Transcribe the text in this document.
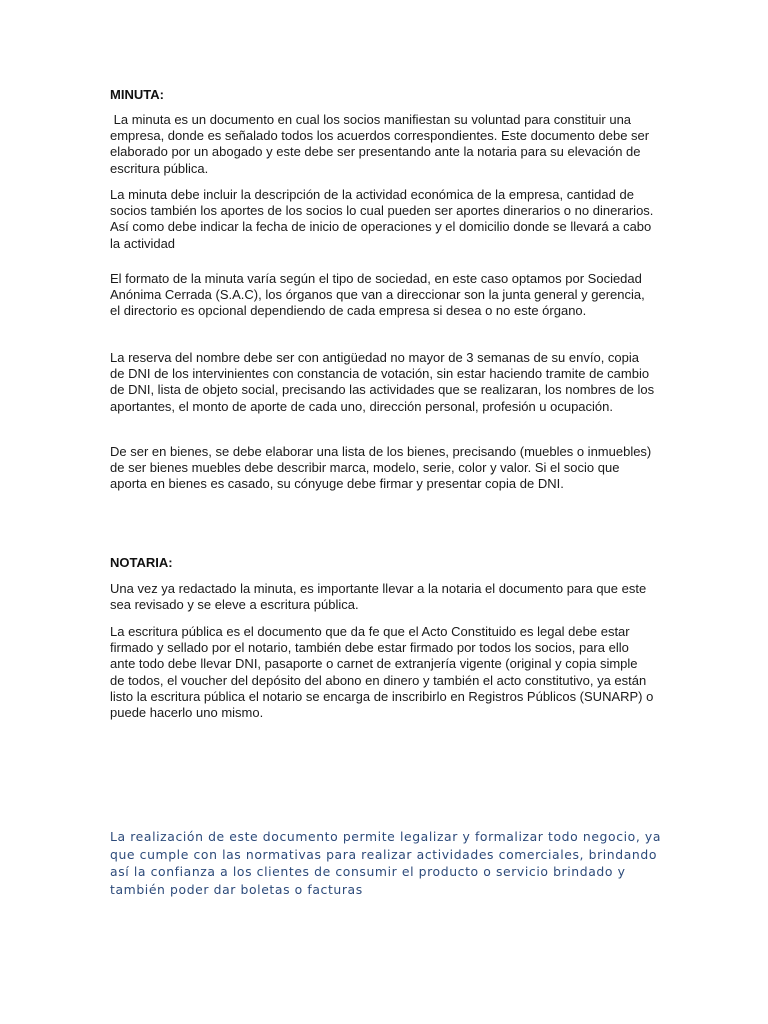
MINUTA:

La minuta es un documento en cual los socios manifiestan su voluntad para constituir una empresa, donde es señalado todos los acuerdos correspondientes. Este documento debe ser elaborado por un abogado y este debe ser presentando ante la notaria para su elevación de escritura pública.

La minuta debe incluir la descripción de la actividad económica de la empresa, cantidad de socios también los aportes de los socios lo cual pueden ser aportes dinerarios o no dinerarios. Así como debe indicar la fecha de inicio de operaciones y el domicilio donde se llevará a cabo la actividad

El formato de la minuta varía según el tipo de sociedad, en este caso optamos por Sociedad Anónima Cerrada (S.A.C), los órganos que van a direccionar son la junta general y gerencia, el directorio es opcional dependiendo de cada empresa si desea o no este órgano.

La reserva del nombre debe ser con antigüedad no mayor de 3 semanas de su envío, copia de DNI de los intervinientes con constancia de votación, sin estar haciendo tramite de cambio de DNI, lista de objeto social, precisando las actividades que se realizaran, los nombres de los aportantes, el monto de aporte de cada uno, dirección personal, profesión u ocupación.

De ser en bienes, se debe elaborar una lista de los bienes, precisando (muebles o inmuebles) de ser bienes muebles debe describir marca, modelo, serie, color y valor. Si el socio que aporta en bienes es casado, su cónyuge debe firmar y presentar copia de DNI.

NOTARIA:

Una vez ya redactado la minuta, es importante llevar a la notaria el documento para que este sea revisado y se eleve a escritura pública.

La escritura pública es el documento que da fe que el Acto Constituido es legal debe estar firmado y sellado por el notario, también debe estar firmado por todos los socios, para ello ante todo debe llevar DNI, pasaporte o carnet de extranjería vigente (original y copia simple de todos, el voucher del depósito del abono en dinero y también el acto constitutivo, ya están listo la escritura pública el notario se encarga de inscribirlo en Registros Públicos (SUNARP) o puede hacerlo uno mismo.

La realización de este documento permite legalizar y formalizar todo negocio, ya que cumple con las normativas para realizar actividades comerciales, brindando así la confianza a los clientes de consumir el producto o servicio brindado y también poder dar boletas o facturas
